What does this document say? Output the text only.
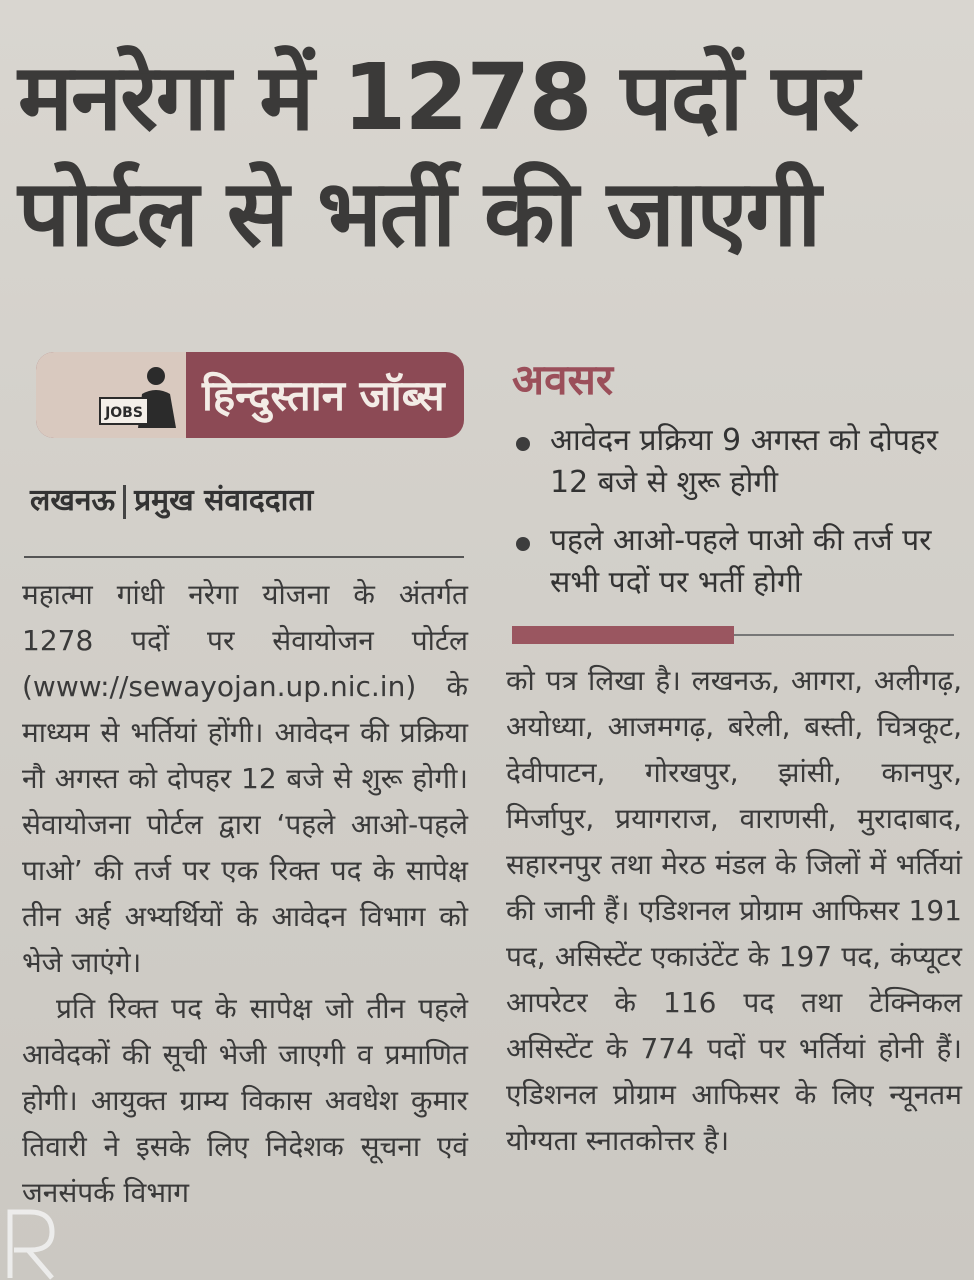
मनरेगा में 1278 पदों पर
पोर्टल से भर्ती की जाएगी
JOBS हिन्दुस्तान जॉब्स
लखनऊ प्रमुख संवाददाता
अवसर
आवेदन प्रक्रिया 9 अगस्त को दोपहर 12 बजे से शुरू होगी
पहले आओ-पहले पाओ की तर्ज पर सभी पदों पर भर्ती होगी

महात्मा गांधी नरेगा योजना के अंतर्गत 1278 पदों पर सेवायोजन पोर्टल (www://sewayojan.up.nic.in) के माध्यम से भर्तियां होंगी। आवेदन की प्रक्रिया नौ अगस्त को दोपहर 12 बजे से शुरू होगी। सेवायोजना पोर्टल द्वारा ‘पहले आओ-पहले पाओ’ की तर्ज पर एक रिक्त पद के सापेक्ष तीन अर्ह अभ्यर्थियों के आवेदन विभाग को भेजे जाएंगे।

प्रति रिक्त पद के सापेक्ष जो तीन पहले आवेदकों की सूची भेजी जाएगी व प्रमाणित होगी। आयुक्त ग्राम्य विकास अवधेश कुमार तिवारी ने इसके लिए निदेशक सूचना एवं जनसंपर्क विभाग

को पत्र लिखा है। लखनऊ, आगरा, अलीगढ़, अयोध्या, आजमगढ़, बरेली, बस्ती, चित्रकूट, देवीपाटन, गोरखपुर, झांसी, कानपुर, मिर्जापुर, प्रयागराज, वाराणसी, मुरादाबाद, सहारनपुर तथा मेरठ मंडल के जिलों में भर्तियां की जानी हैं। एडिशनल प्रोग्राम आफिसर 191 पद, असिस्टेंट एकाउंटेंट के 197 पद, कंप्यूटर आपरेटर के 116 पद तथा टेक्निकल असिस्टेंट के 774 पदों पर भर्तियां होनी हैं। एडिशनल प्रोग्राम आफिसर के लिए न्यूनतम योग्यता स्नातकोत्तर है।
